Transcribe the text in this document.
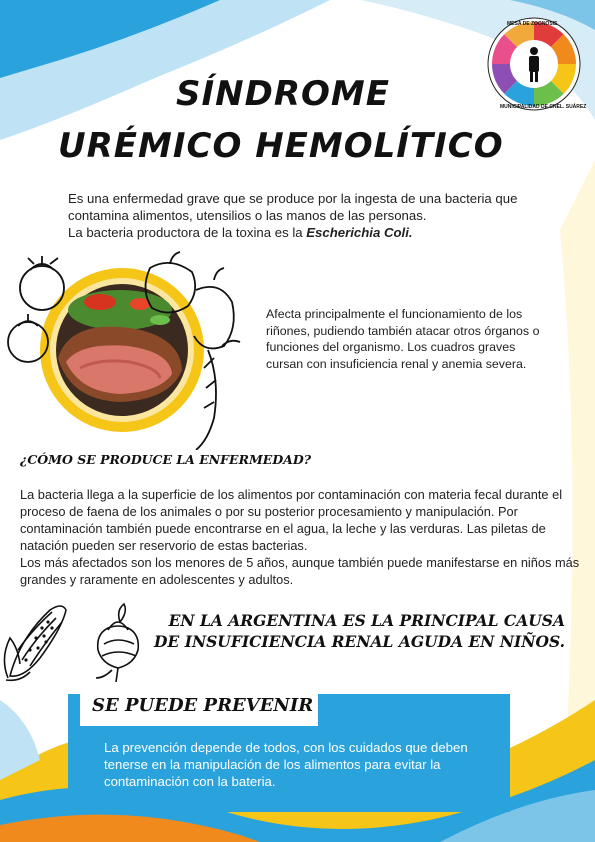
MESA DE ZOONOSIS
MUNICIPALIDAD DE CNEL. SUÁREZ
SÍNDROME
URÉMICO HEMOLÍTICO
Es una enfermedad grave que se produce por la ingesta de una bacteria que contamina alimentos, utensilios o las manos de las personas.
La bacteria productora de la toxina es la Escherichia Coli.
Afecta principalmente el funcionamiento de los riñones, pudiendo también atacar otros órganos o funciones del organismo. Los cuadros graves cursan con insuficiencia renal y anemia severa.
¿CÓMO SE PRODUCE LA ENFERMEDAD?
La bacteria llega a la superficie de los alimentos por contaminación con materia fecal durante el proceso de faena de los animales o por su posterior procesamiento y manipulación. Por contaminación también puede encontrarse en el agua, la leche y las verduras. Las piletas de natación pueden ser reservorio de estas bacterias.
Los más afectados son los menores de 5 años, aunque también puede manifestarse en niños más grandes y raramente en adolescentes y adultos.
EN LA ARGENTINA ES LA PRINCIPAL CAUSA
DE INSUFICIENCIA RENAL AGUDA EN NIÑOS.
SE PUEDE PREVENIR
La prevención depende de todos, con los cuidados que deben tenerse en la manipulación de los alimentos para evitar la contaminación con la bateria.
